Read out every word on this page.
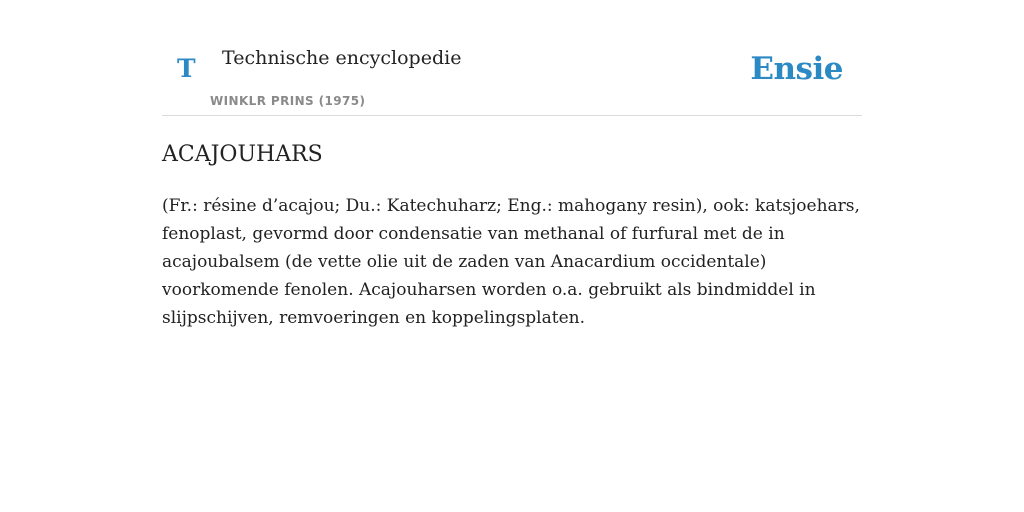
T Technische encyclopedie
WINKLR PRINS (1975)
Ensie
ACAJOUHARS

(Fr.: résine d’acajou; Du.: Katechuharz; Eng.: mahogany resin), ook: katsjoehars, fenoplast, gevormd door condensatie van methanal of furfural met de in acajoubalsem (de vette olie uit de zaden van Anacardium occidentale) voorkomende fenolen. Acajouharsen worden o.a. gebruikt als bindmiddel in slijpschijven, remvoeringen en koppelingsplaten.
